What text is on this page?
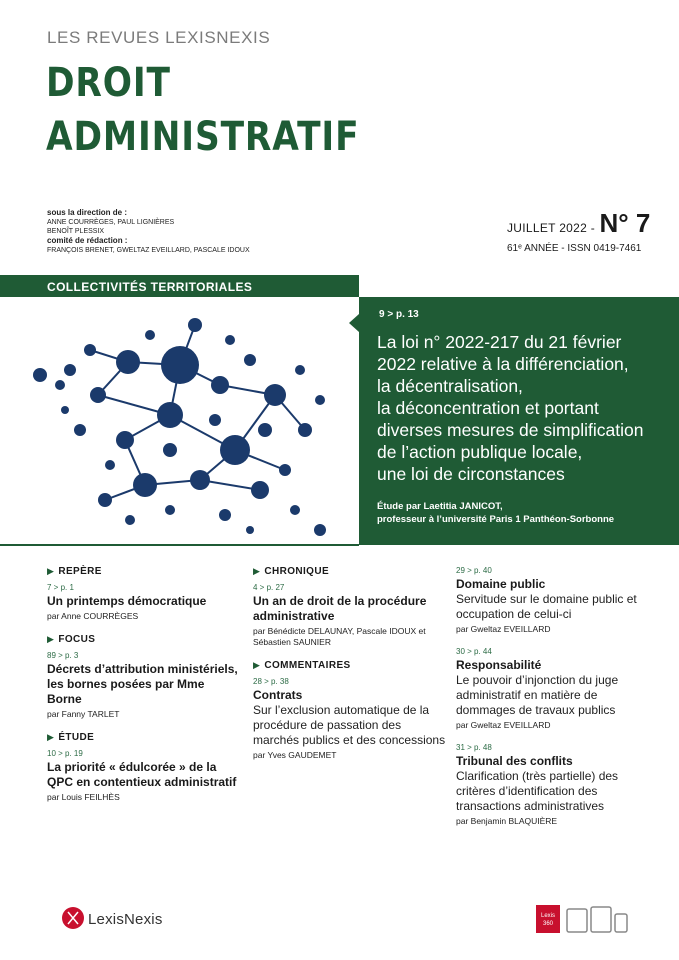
LES REVUES LEXISNEXIS
DROIT
ADMINISTRATIF
sous la direction de :
ANNE COURRÈGES, PAUL LIGNIÈRES
BENOÎT PLESSIX
comité de rédaction :
FRANÇOIS BRENET, GWELTAZ EVEILLARD, PASCALE IDOUX
JUILLET 2022 - N° 7
61ᵉ ANNÉE - ISSN 0419-7461
COLLECTIVITÉS TERRITORIALES
9 > p. 13
La loi n° 2022-217 du 21 février
2022 relative à la différenciation,
la décentralisation,
la déconcentration et portant
diverses mesures de simplification
de l’action publique locale,
une loi de circonstances
Étude par Laetitia JANICOT,
professeur à l’université Paris 1 Panthéon-Sorbonne
▶ REPÈRE
7 > p. 1
Un printemps démocratique
par Anne COURRÈGES
▶ FOCUS
89 > p. 3
Décrets d’attribution ministériels, les bornes posées par Mme Borne
par Fanny TARLET
▶ ÉTUDE
10 > p. 19
La priorité « édulcorée » de la QPC en contentieux administratif
par Louis FEILHÈS
▶ CHRONIQUE
4 > p. 27
Un an de droit de la procédure administrative
par Bénédicte DELAUNAY, Pascale IDOUX et Sébastien SAUNIER
▶ COMMENTAIRES
28 > p. 38
Contrats
Sur l’exclusion automatique de la procédure de passation des marchés publics et des concessions
par Yves GAUDEMET
29 > p. 40
Domaine public
Servitude sur le domaine public et occupation de celui-ci
par Gweltaz EVEILLARD
30 > p. 44
Responsabilité
Le pouvoir d’injonction du juge administratif en matière de dommages de travaux publics
par Gweltaz EVEILLARD
31 > p. 48
Tribunal des conflits
Clarification (très partielle) des critères d’identification des transactions administratives
par Benjamin BLAQUIÈRE
LexisNexis	Lexis
360
